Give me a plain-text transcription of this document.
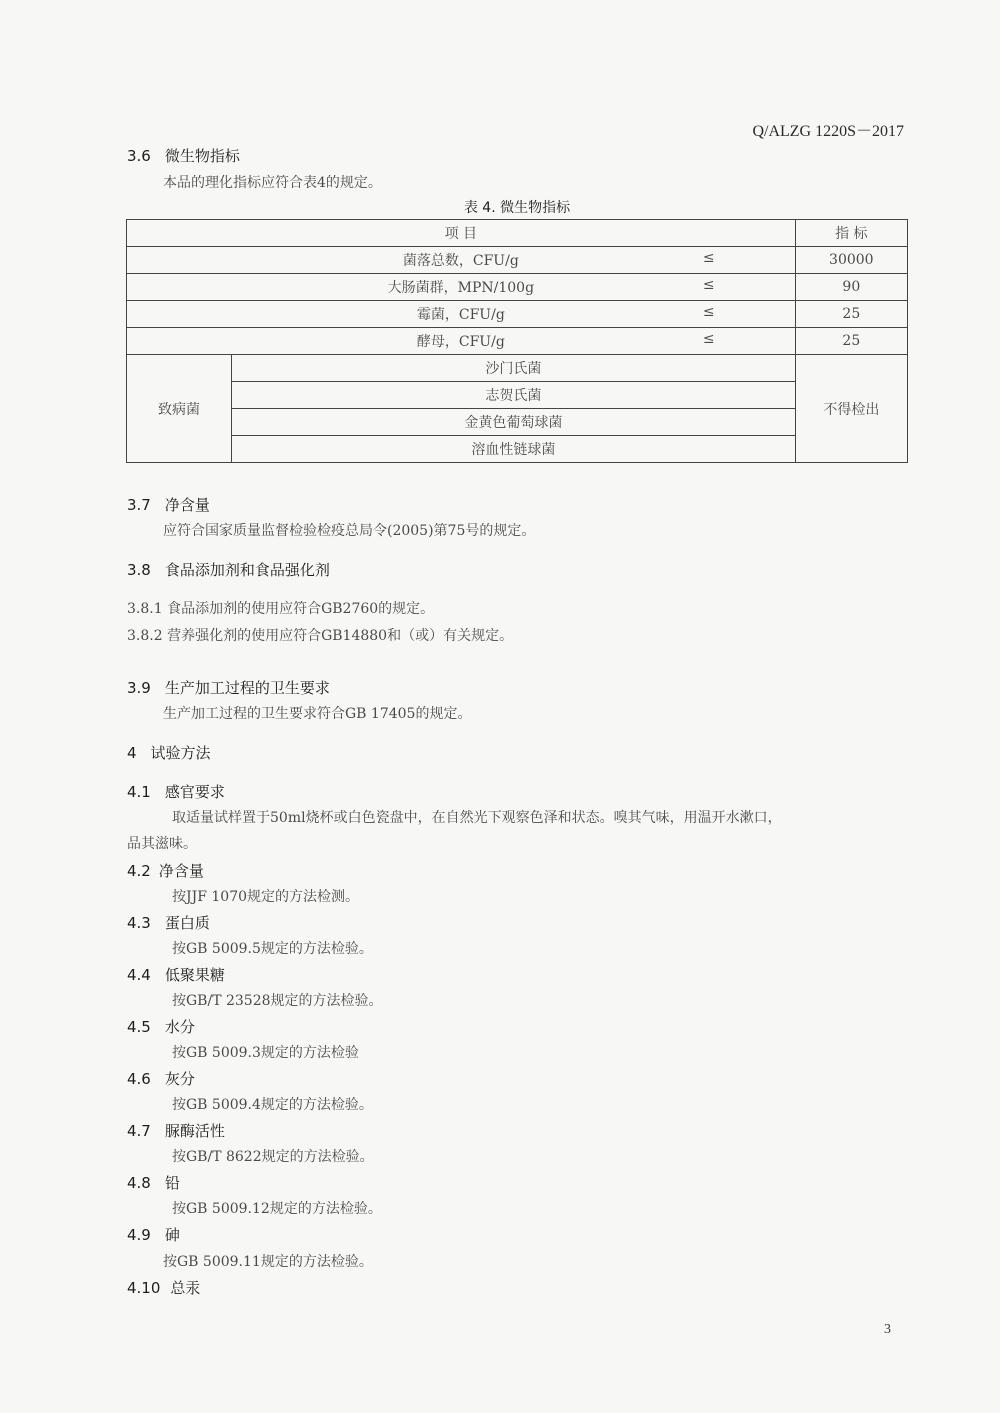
Q/ALZG 1220S－2017
3.6 微生物指标
本品的理化指标应符合表4的规定。
表 4. 微生物指标
项 目		指 标
菌落总数，CFU/g ≤		30000
大肠菌群，MPN/100g ≤		90
霉菌，CFU/g ≤		25
酵母，CFU/g ≤		25
致病菌	沙门氏菌	不得检出
	志贺氏菌	
	金黄色葡萄球菌	
	溶血性链球菌	
3.7 净含量
应符合国家质量监督检验检疫总局令(2005)第75号的规定。
3.8 食品添加剂和食品强化剂
3.8.1 食品添加剂的使用应符合GB2760的规定。
3.8.2 营养强化剂的使用应符合GB14880和（或）有关规定。
3.9 生产加工过程的卫生要求
生产加工过程的卫生要求符合GB 17405的规定。
4 试验方法
4.1 感官要求
取适量试样置于50ml烧杯或白色瓷盘中，在自然光下观察色泽和状态。嗅其气味，用温开水漱口，
品其滋味。
4.2 净含量
按JJF 1070规定的方法检测。
4.3 蛋白质
按GB 5009.5规定的方法检验。
4.4 低聚果糖
按GB/T 23528规定的方法检验。
4.5 水分
按GB 5009.3规定的方法检验
4.6 灰分
按GB 5009.4规定的方法检验。
4.7 脲酶活性
按GB/T 8622规定的方法检验。
4.8 铅
按GB 5009.12规定的方法检验。
4.9 砷
按GB 5009.11规定的方法检验。
4.10 总汞
3
